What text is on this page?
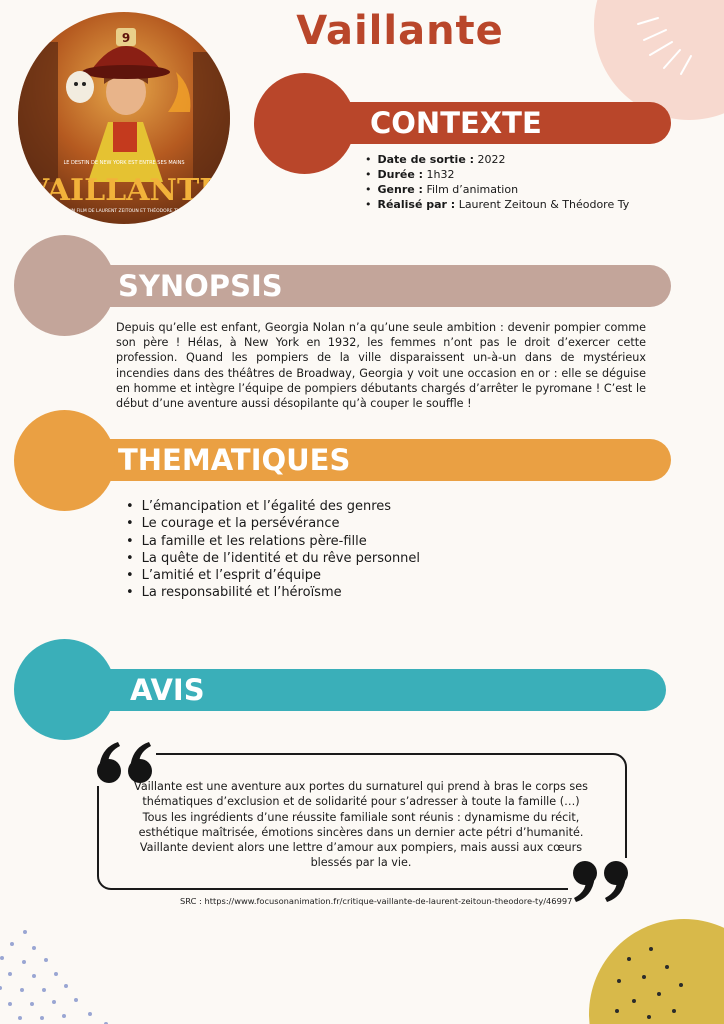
9
LE DESTIN DE NEW YORK EST ENTRE SES MAINS
VAILLANTE
UN FILM DE LAURENT ZEITOUN ET THÉODORE TY
Vaillante
CONTEXTE
• Date de sortie : 2022
• Durée : 1h32
• Genre : Film d’animation
• Réalisé par : Laurent Zeitoun & Théodore Ty
SYNOPSIS

Depuis qu’elle est enfant, Georgia Nolan n’a qu’une seule ambition : devenir pompier comme son père ! Hélas, à New York en 1932, les femmes n’ont pas le droit d’exercer cette profession. Quand les pompiers de la ville disparaissent un-à-un dans de mystérieux incendies dans des théâtres de Broadway, Georgia y voit une occasion en or : elle se déguise en homme et intègre l’équipe de pompiers débutants chargés d’arrêter le pyromane ! C’est le début d’une aventure aussi désopilante qu’à couper le souffle !

THEMATIQUES
• L’émancipation et l’égalité des genres
• Le courage et la persévérance
• La famille et les relations père-fille
• La quête de l’identité et du rêve personnel
• L’amitié et l’esprit d’équipe
• La responsabilité et l’héroïsme
AVIS
Vaillante est une aventure aux portes du surnaturel qui prend à bras le corps ses
thématiques d’exclusion et de solidarité pour s’adresser à toute la famille (…)
Tous les ingrédients d’une réussite familiale sont réunis : dynamisme du récit,
esthétique maîtrisée, émotions sincères dans un dernier acte pétri d’humanité.
Vaillante devient alors une lettre d’amour aux pompiers, mais aussi aux cœurs
blessés par la vie.
SRC : https://www.focusonanimation.fr/critique-vaillante-de-laurent-zeitoun-theodore-ty/46997
